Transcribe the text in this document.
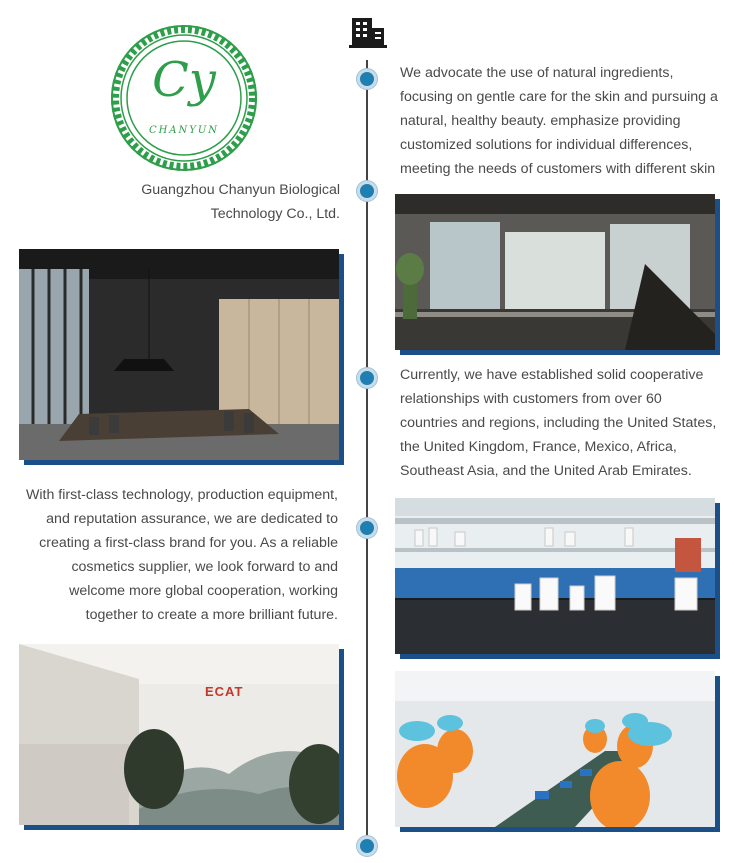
Cy
CHANYUN
Guangzhou Chanyun Biological
Technology Co., Ltd.
We advocate the use of natural ingredients, focusing on gentle care for the skin and pursuing a natural, healthy beauty. emphasize providing customized solutions for individual differences, meeting the needs of customers with different skin
Currently, we have established solid cooperative relationships with customers from over 60 countries and regions, including the United States, the United Kingdom, France, Mexico, Africa, Southeast Asia, and the United Arab Emirates.
With first-class technology, production equipment, and reputation assurance, we are dedicated to creating a first-class brand for you. As a reliable cosmetics supplier, we look forward to and welcome more global cooperation, working together to create a more brilliant future.
ECAT
